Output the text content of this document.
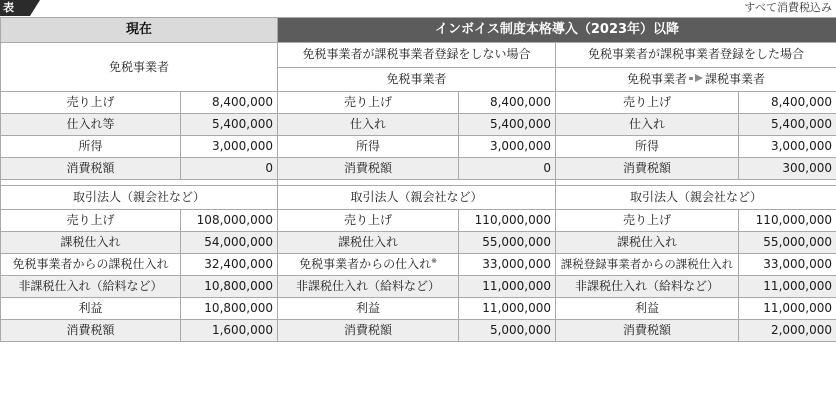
表	すべて消費税込み
現在		インボイス制度本格導入（2023年）以降			
免税事業者		免税事業者が課税事業者登録をしない場合		免税事業者が課税事業者登録をした場合	
		免税事業者		免税事業者 課税事業者	
売り上げ	8,400,000	売り上げ	8,400,000	売り上げ	8,400,000
仕入れ等	5,400,000	仕入れ	5,400,000	仕入れ	5,400,000
所得	3,000,000	所得	3,000,000	所得	3,000,000
消費税額	0	消費税額	0	消費税額	300,000

取引法人（親会社など）		取引法人（親会社など）		取引法人（親会社など）	
売り上げ	108,000,000	売り上げ	110,000,000	売り上げ	110,000,000
課税仕入れ	54,000,000	課税仕入れ	55,000,000	課税仕入れ	55,000,000
免税事業者からの課税仕入れ	32,400,000	免税事業者からの仕入れ※	33,000,000	課税登録事業者からの課税仕入れ	33,000,000
非課税仕入れ（給料など）	10,800,000	非課税仕入れ（給料など）	11,000,000	非課税仕入れ（給料など）	11,000,000
利益	10,800,000	利益	11,000,000	利益	11,000,000
消費税額	1,600,000	消費税額	5,000,000	消費税額	2,000,000
